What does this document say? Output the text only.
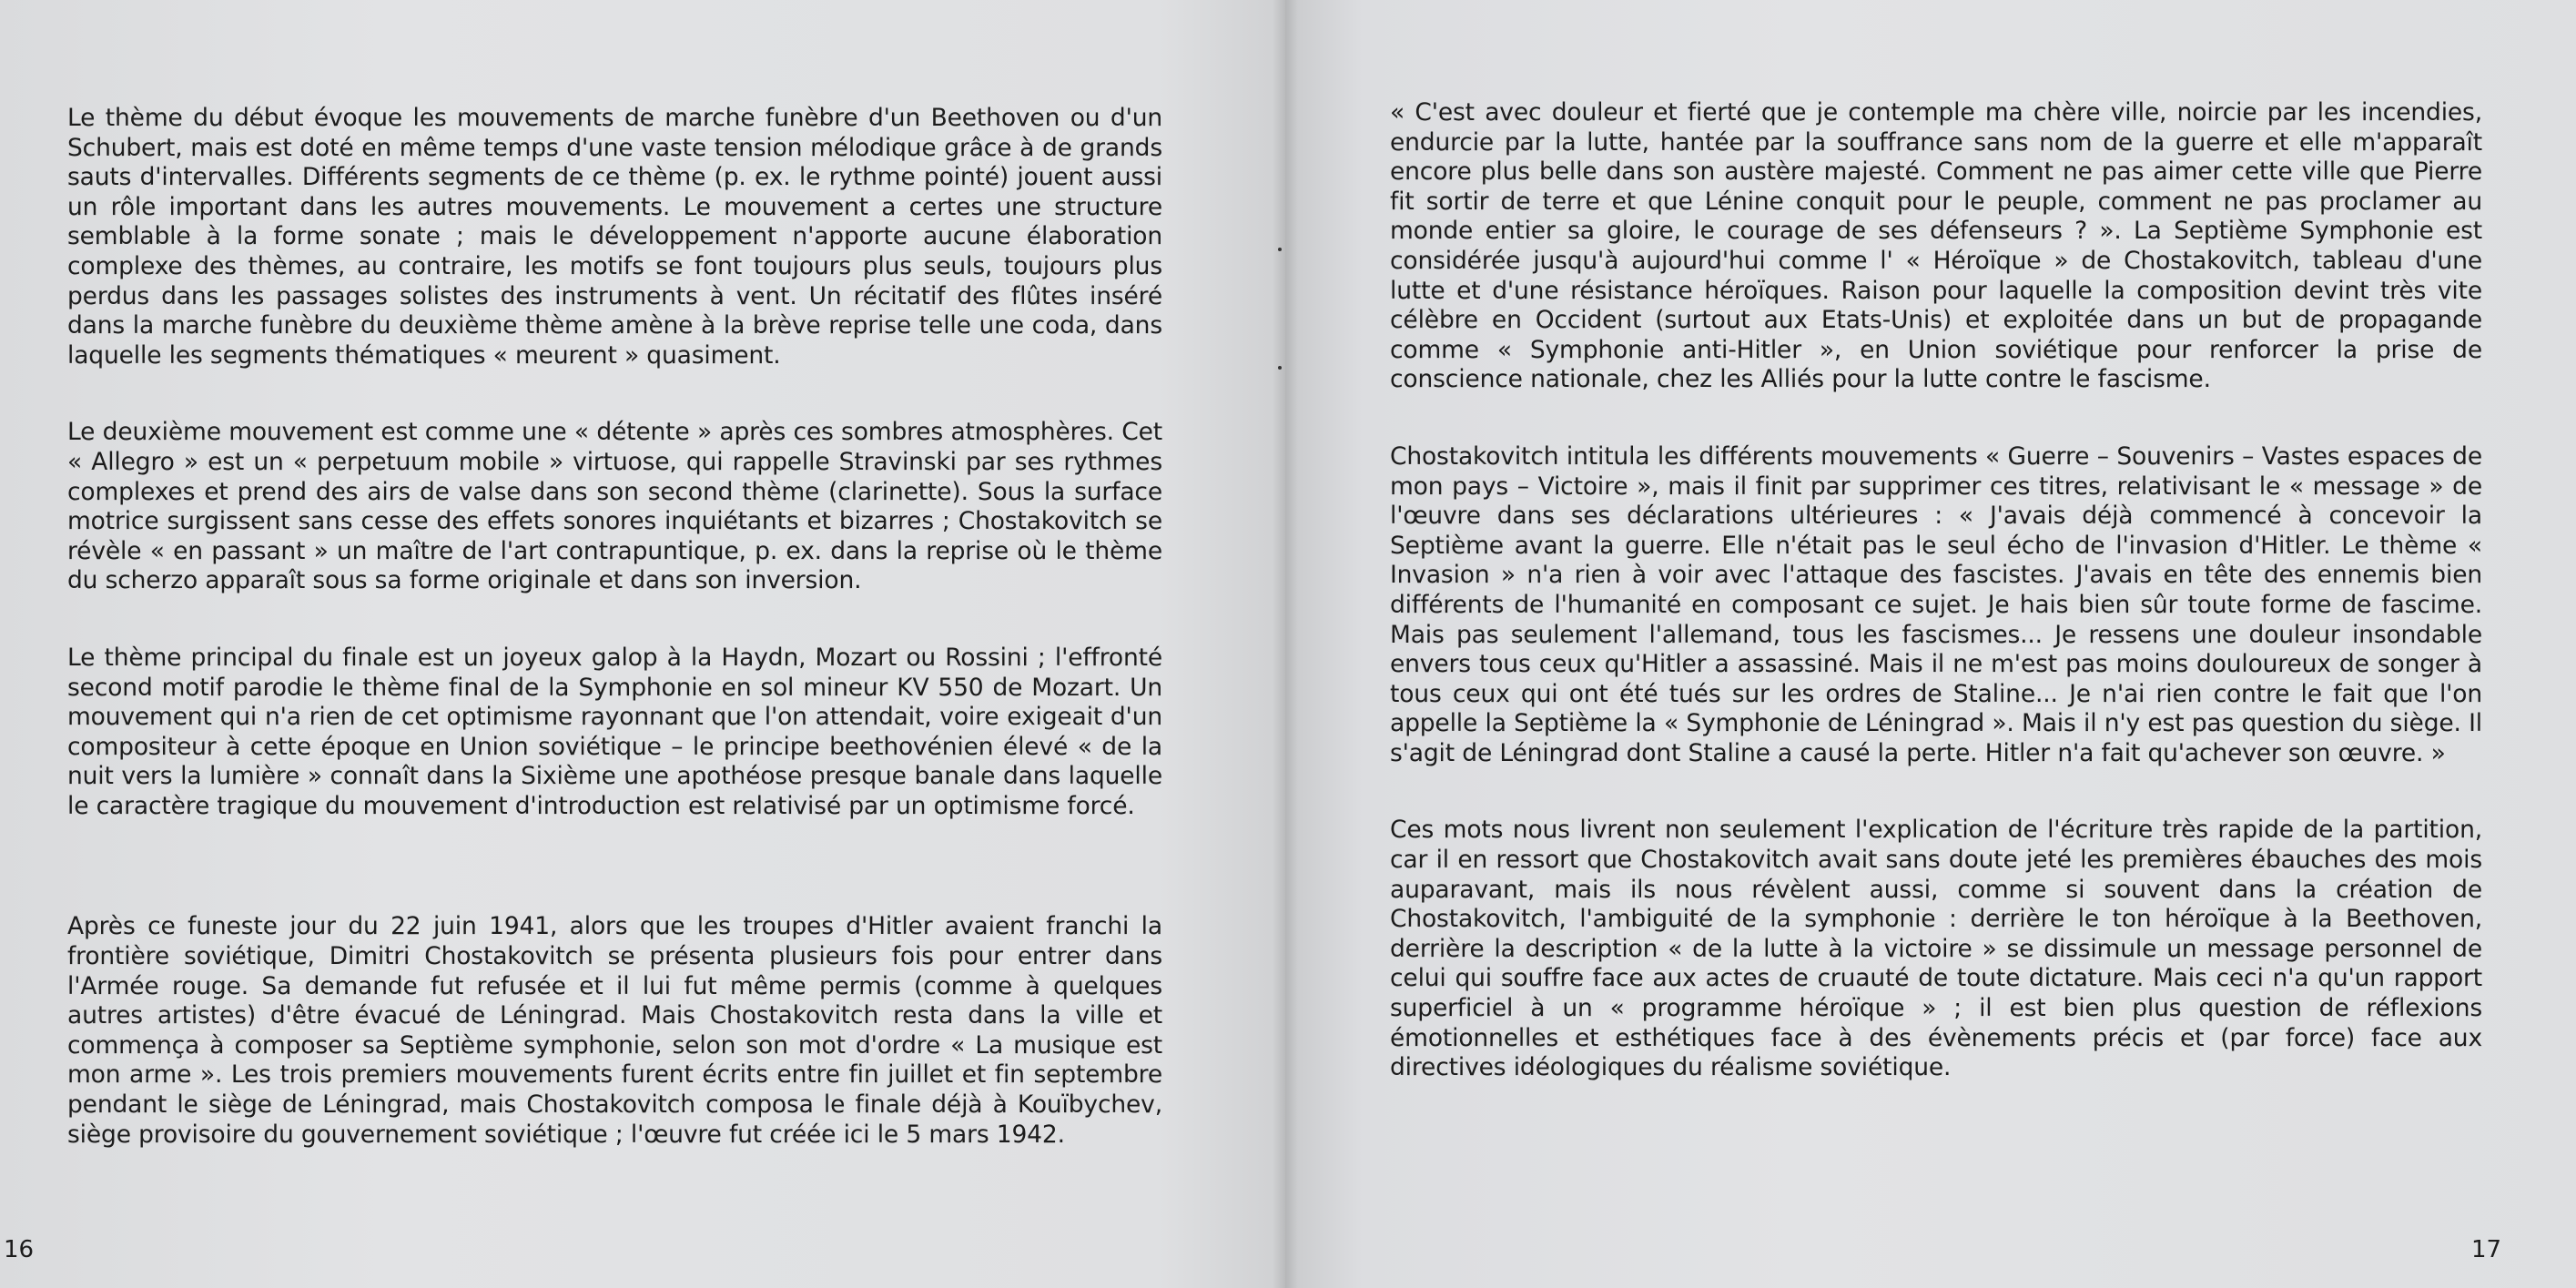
Le thème du début évoque les mouvements de marche funèbre d'un Beethoven ou d'un Schubert, mais est doté en même temps d'une vaste tension mélodique grâce à de grands sauts d'intervalles. Différents segments de ce thème (p. ex. le rythme pointé) jouent aussi un rôle important dans les autres mouvements. Le mouvement a certes une structure semblable à la forme sonate ; mais le développement n'apporte aucune élaboration complexe des thèmes, au contraire, les motifs se font toujours plus seuls, toujours plus perdus dans les passages solistes des instruments à vent. Un récitatif des flûtes inséré dans la marche funèbre du deuxième thème amène à la brève reprise telle une coda, dans laquelle les segments thématiques « meurent » quasiment.

Le deuxième mouvement est comme une « détente » après ces sombres atmosphères. Cet « Allegro » est un « perpetuum mobile » virtuose, qui rappelle Stravinski par ses rythmes complexes et prend des airs de valse dans son second thème (clarinette). Sous la surface motrice surgissent sans cesse des effets sonores inquiétants et bizarres ; Chostakovitch se révèle « en passant » un maître de l'art contrapuntique, p. ex. dans la reprise où le thème du scherzo apparaît sous sa forme originale et dans son inversion.

Le thème principal du finale est un joyeux galop à la Haydn, Mozart ou Rossini ; l'effronté second motif parodie le thème final de la Symphonie en sol mineur KV 550 de Mozart. Un mouvement qui n'a rien de cet optimisme rayonnant que l'on attendait, voire exigeait d'un compositeur à cette époque en Union soviétique – le principe beethovénien élevé « de la nuit vers la lumière » connaît dans la Sixième une apothéose presque banale dans laquelle le caractère tragique du mouvement d'introduction est relativisé par un optimisme forcé.

Après ce funeste jour du 22 juin 1941, alors que les troupes d'Hitler avaient franchi la frontière soviétique, Dimitri Chostakovitch se présenta plusieurs fois pour entrer dans l'Armée rouge. Sa demande fut refusée et il lui fut même permis (comme à quelques autres artistes) d'être évacué de Léningrad. Mais Chostakovitch resta dans la ville et commença à composer sa Septième symphonie, selon son mot d'ordre « La musique est mon arme ». Les trois premiers mouvements furent écrits entre fin juillet et fin septembre pendant le siège de Léningrad, mais Chostakovitch composa le finale déjà à Kouïbychev, siège provisoire du gouvernement soviétique ; l'œuvre fut créée ici le 5 mars 1942.

16

« C'est avec douleur et fierté que je contemple ma chère ville, noircie par les incendies, endurcie par la lutte, hantée par la souffrance sans nom de la guerre et elle m'apparaît encore plus belle dans son austère majesté. Comment ne pas aimer cette ville que Pierre fit sortir de terre et que Lénine conquit pour le peuple, comment ne pas proclamer au monde entier sa gloire, le courage de ses défenseurs ? ». La Septième Symphonie est considérée jusqu'à aujourd'hui comme l' « Héroïque » de Chostakovitch, tableau d'une lutte et d'une résistance héroïques. Raison pour laquelle la composition devint très vite célèbre en Occident (surtout aux Etats-Unis) et exploitée dans un but de propagande comme « Symphonie anti-Hitler », en Union soviétique pour renforcer la prise de conscience nationale, chez les Alliés pour la lutte contre le fascisme.

Chostakovitch intitula les différents mouvements « Guerre – Souvenirs – Vastes espaces de mon pays – Victoire », mais il finit par supprimer ces titres, relativisant le « message » de l'œuvre dans ses déclarations ultérieures : « J'avais déjà commencé à concevoir la Septième avant la guerre. Elle n'était pas le seul écho de l'invasion d'Hitler. Le thème « Invasion » n'a rien à voir avec l'attaque des fascistes. J'avais en tête des ennemis bien différents de l'humanité en composant ce sujet. Je hais bien sûr toute forme de fascime. Mais pas seulement l'allemand, tous les fascismes... Je ressens une douleur insondable envers tous ceux qu'Hitler a assassiné. Mais il ne m'est pas moins douloureux de songer à tous ceux qui ont été tués sur les ordres de Staline... Je n'ai rien contre le fait que l'on appelle la Septième la « Symphonie de Léningrad ». Mais il n'y est pas question du siège. Il s'agit de Léningrad dont Staline a causé la perte. Hitler n'a fait qu'achever son œuvre. »

Ces mots nous livrent non seulement l'explication de l'écriture très rapide de la partition, car il en ressort que Chostakovitch avait sans doute jeté les premières ébauches des mois auparavant, mais ils nous révèlent aussi, comme si souvent dans la création de Chostakovitch, l'ambiguité de la symphonie : derrière le ton héroïque à la Beethoven, derrière la description « de la lutte à la victoire » se dissimule un message personnel de celui qui souffre face aux actes de cruauté de toute dictature. Mais ceci n'a qu'un rapport superficiel à un « programme héroïque » ; il est bien plus question de réflexions émotionnelles et esthétiques face à des évènements précis et (par force) face aux directives idéologiques du réalisme soviétique.

17
